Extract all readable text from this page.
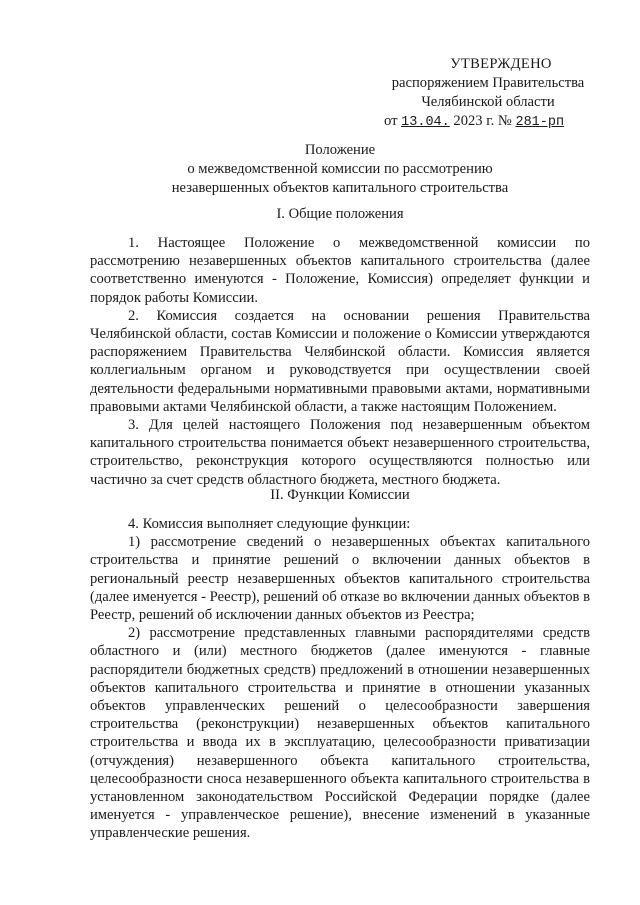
УТВЕРЖДЕНО
распоряжением Правительства
Челябинской области
от 13.04. 2023 г. № 281-рп
Положение
о межведомственной комиссии по рассмотрению
незавершенных объектов капитального строительства
I. Общие положения

1. Настоящее Положение о межведомственной комиссии по рассмотрению незавершенных объектов капитального строительства (далее соответственно именуются - Положение, Комиссия) определяет функции и порядок работы Комиссии.

2. Комиссия создается на основании решения Правительства Челябинской области, состав Комиссии и положение о Комиссии утверждаются распоряжением Правительства Челябинской области. Комиссия является коллегиальным органом и руководствуется при осуществлении своей деятельности федеральными нормативными правовыми актами, нормативными правовыми актами Челябинской области, а также настоящим Положением.

3. Для целей настоящего Положения под незавершенным объектом капитального строительства понимается объект незавершенного строительства, строительство, реконструкция которого осуществляются полностью или частично за счет средств областного бюджета, местного бюджета.

II. Функции Комиссии

4. Комиссия выполняет следующие функции:

1) рассмотрение сведений о незавершенных объектах капитального строительства и принятие решений о включении данных объектов в региональный реестр незавершенных объектов капитального строительства (далее именуется - Реестр), решений об отказе во включении данных объектов в Реестр, решений об исключении данных объектов из Реестра;

2) рассмотрение представленных главными распорядителями средств областного и (или) местного бюджетов (далее именуются - главные распорядители бюджетных средств) предложений в отношении незавершенных объектов капитального строительства и принятие в отношении указанных объектов управленческих решений о целесообразности завершения строительства (реконструкции) незавершенных объектов капитального строительства и ввода их в эксплуатацию, целесообразности приватизации (отчуждения) незавершенного объекта капитального строительства, целесообразности сноса незавершенного объекта капитального строительства в установленном законодательством Российской Федерации порядке (далее именуется - управленческое решение), внесение изменений в указанные управленческие решения.
